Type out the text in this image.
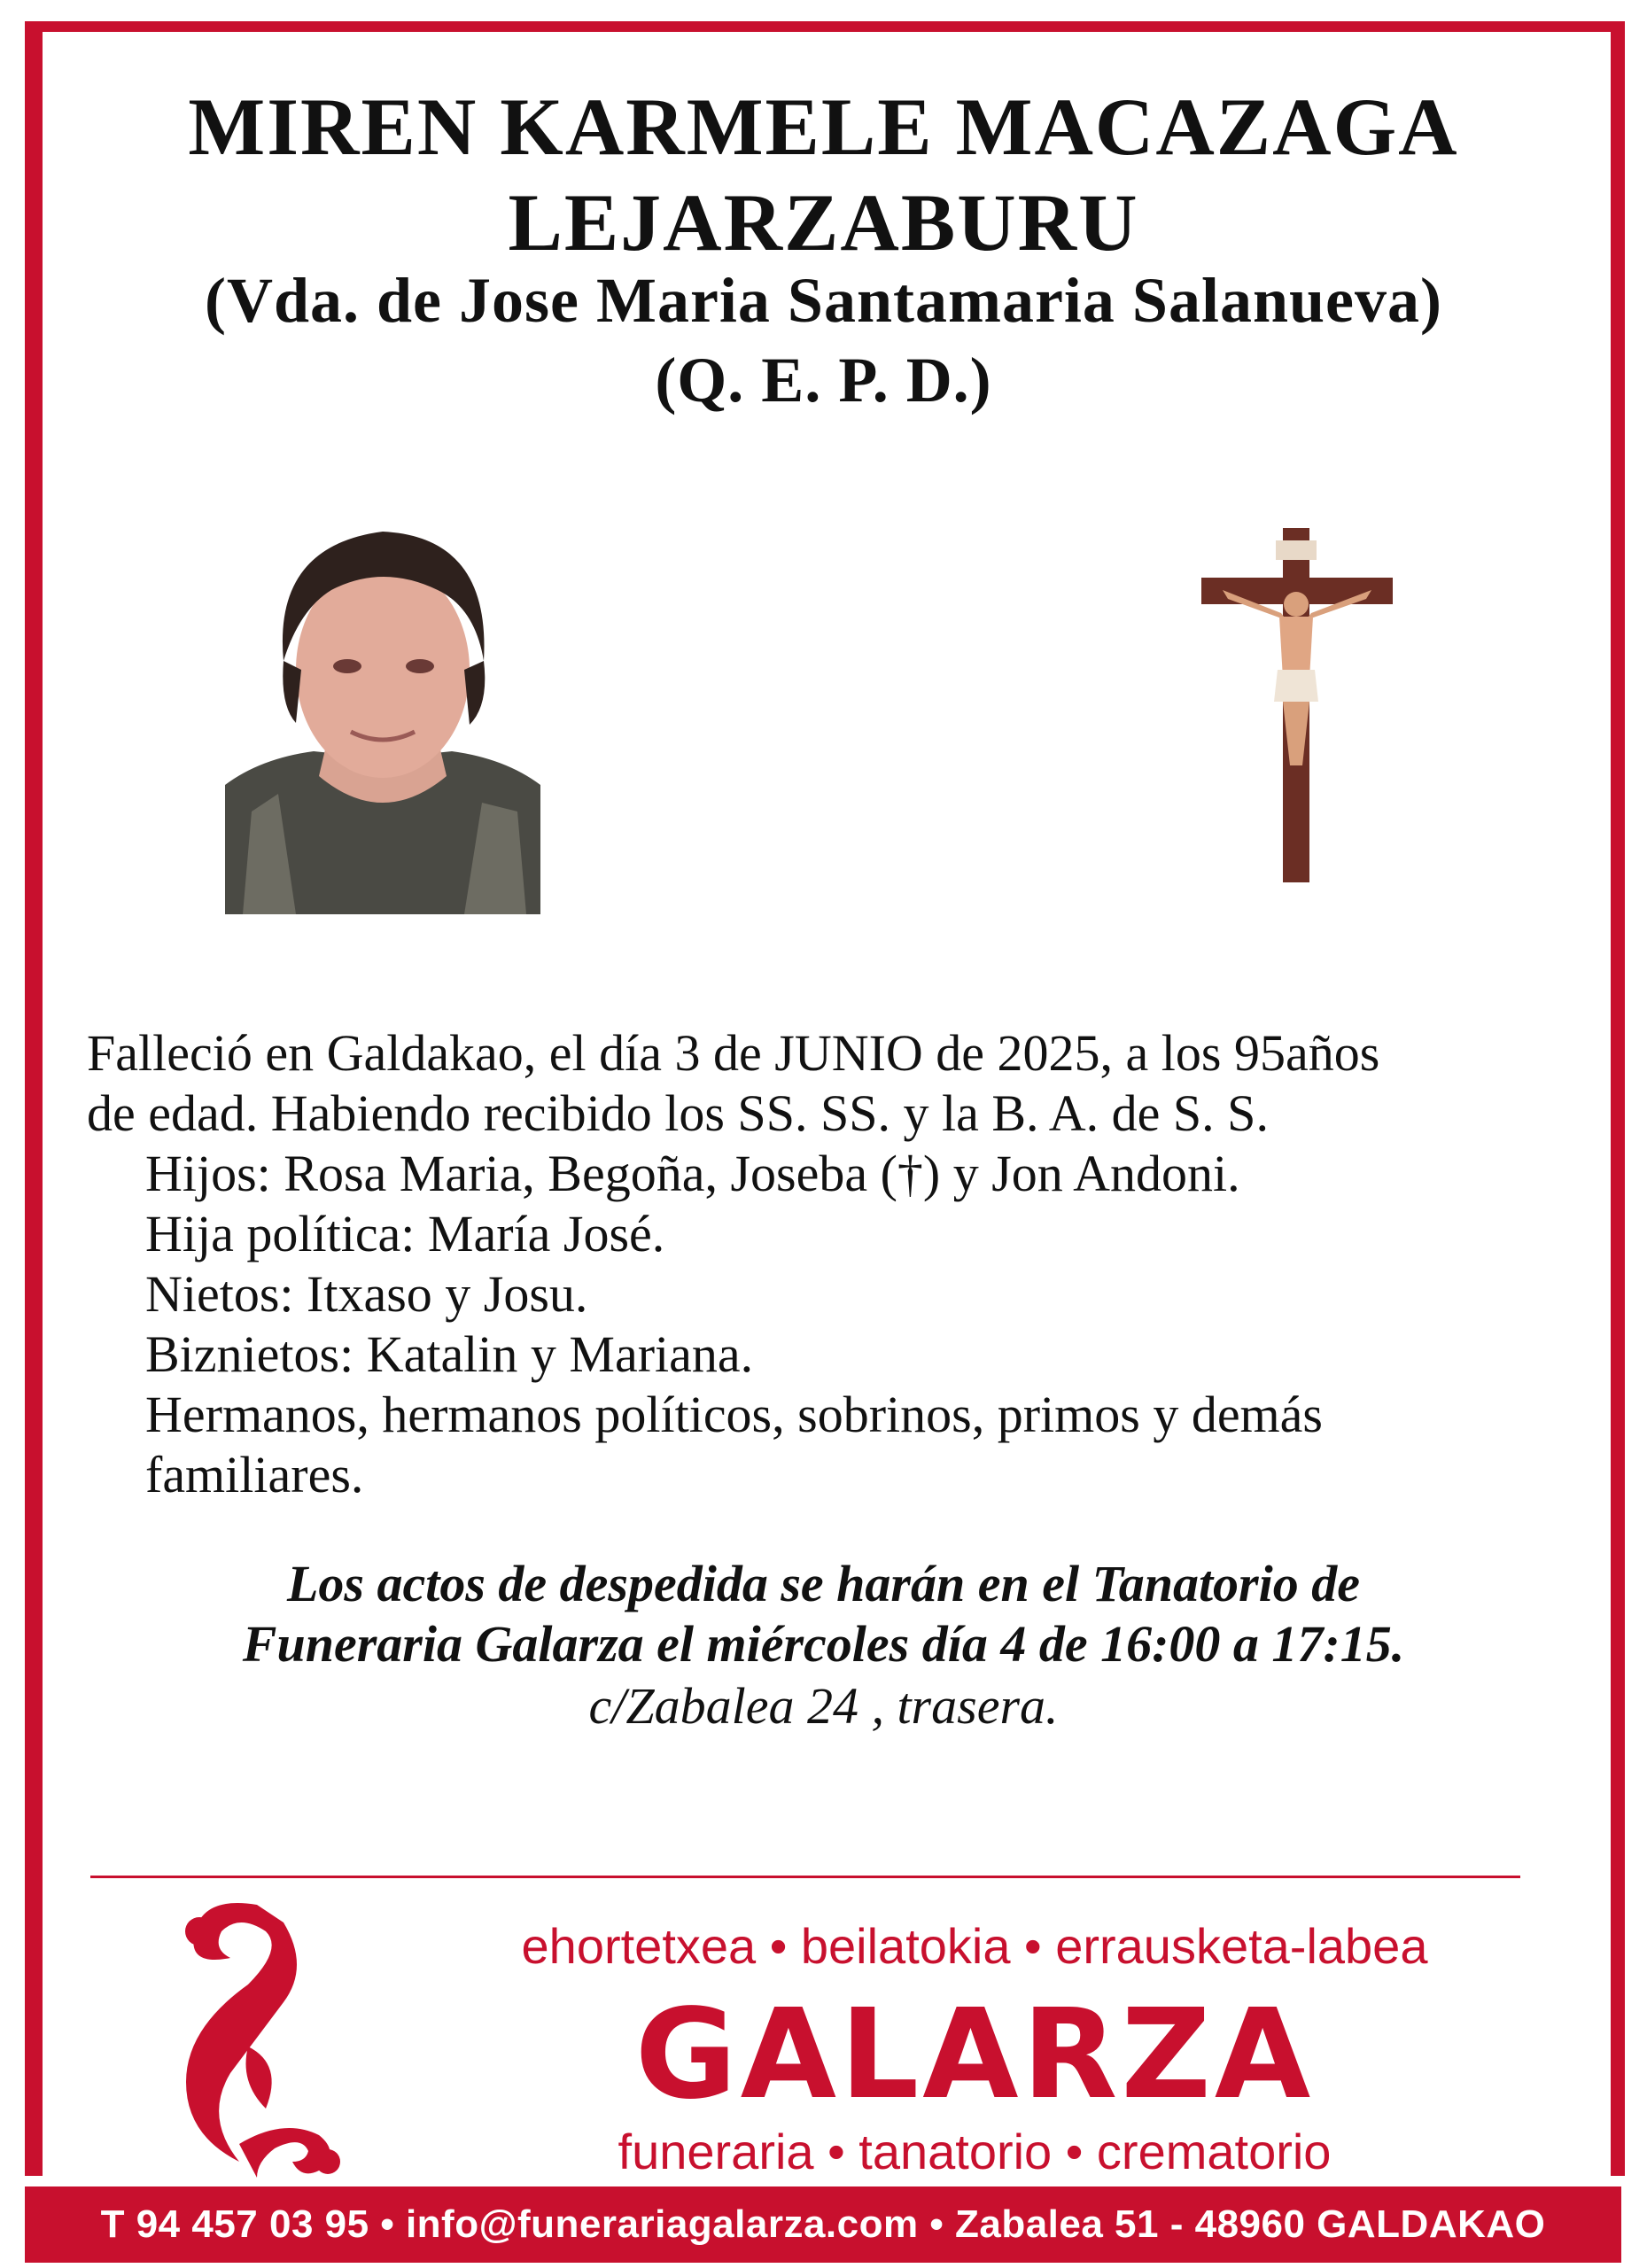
MIREN KARMELE MACAZAGA
LEJARZABURU
(Vda. de Jose Maria Santamaria Salanueva)
(Q. E. P. D.)
Falleció en Galdakao, el día 3 de JUNIO de 2025, a los 95años
de edad. Habiendo recibido los SS. SS. y la B. A. de S. S.
Hijos: Rosa Maria, Begoña, Joseba (†) y Jon Andoni.
Hija política: María José.
Nietos: Itxaso y Josu.
Biznietos: Katalin y Mariana.
Hermanos, hermanos políticos, sobrinos, primos y demás
familiares.
Los actos de despedida se harán en el Tanatorio de
Funeraria Galarza el miércoles día 4 de 16:00 a 17:15.
c/Zabalea 24 , trasera.
ehortetxea • beilatokia • errausketa-labea
GALARZA
funeraria • tanatorio • crematorio
T 94 457 03 95 • info@funerariagalarza.com • Zabalea 51 - 48960 GALDAKAO
